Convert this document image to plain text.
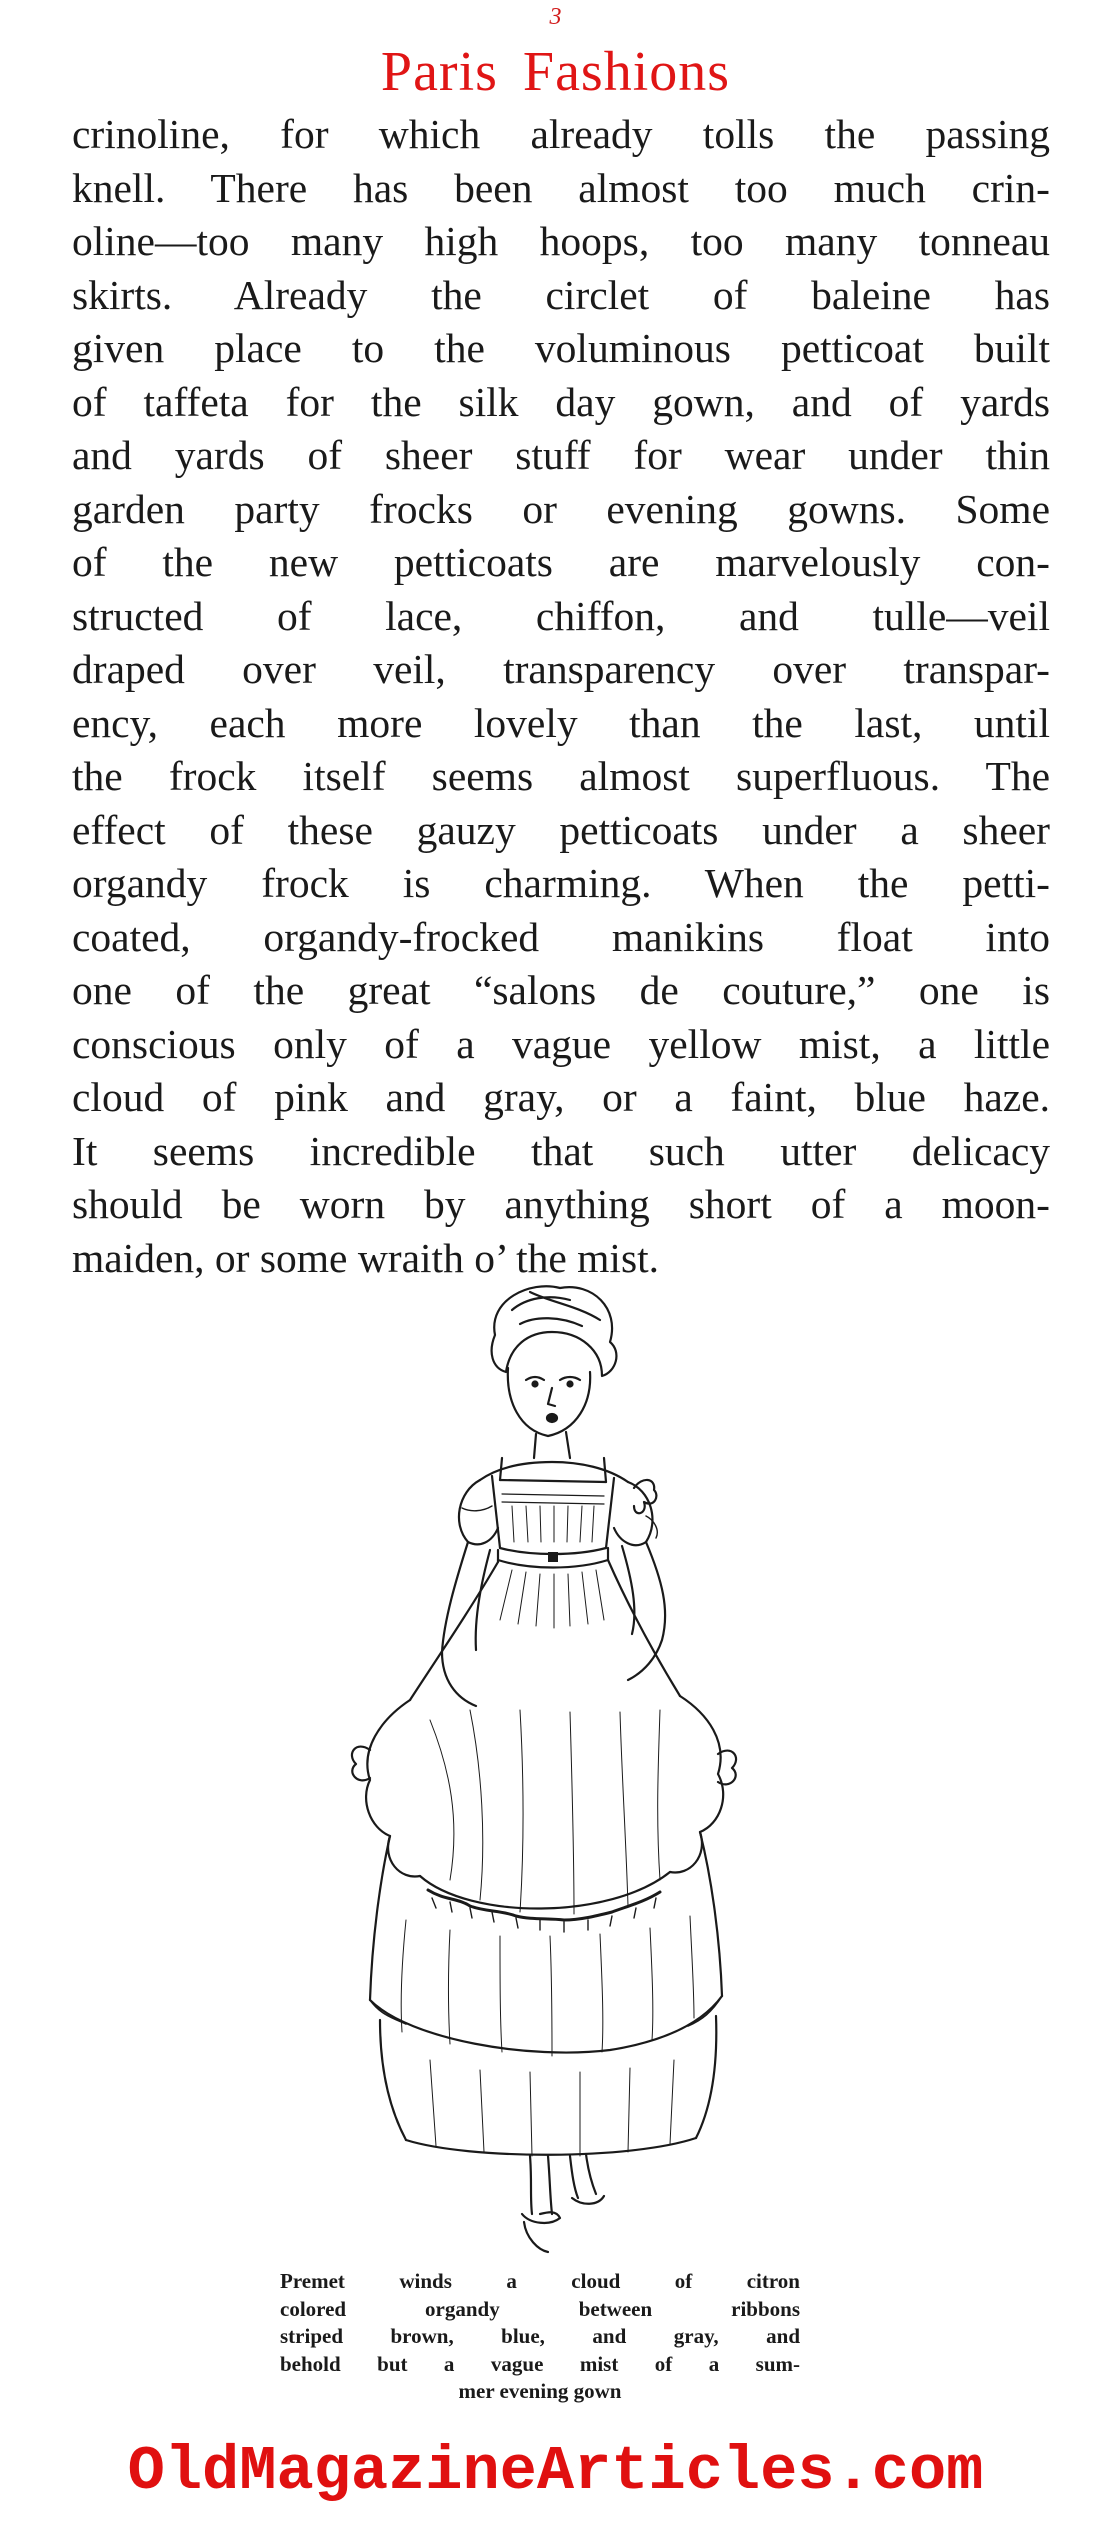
3
Paris Fashions
crinoline, for which already tolls the passing
knell. There has been almost too much crin-
oline—too many high hoops, too many tonneau
skirts. Already the circlet of baleine has
given place to the voluminous petticoat built
of taffeta for the silk day gown, and of yards
and yards of sheer stuff for wear under thin
garden party frocks or evening gowns. Some
of the new petticoats are marvelously con-
structed of lace, chiffon, and tulle—veil
draped over veil, transparency over transpar-
ency, each more lovely than the last, until
the frock itself seems almost superfluous. The
effect of these gauzy petticoats under a sheer
organdy frock is charming. When the petti-
coated, organdy-frocked manikins float into
one of the great “salons de couture,” one is
conscious only of a vague yellow mist, a little
cloud of pink and gray, or a faint, blue haze.
It seems incredible that such utter delicacy
should be worn by anything short of a moon-
maiden, or some wraith o’ the mist.
Premet winds a cloud of citron
colored organdy between ribbons
striped brown, blue, and gray, and
behold but a vague mist of a sum-
mer evening gown
OldMagazineArticles.com
